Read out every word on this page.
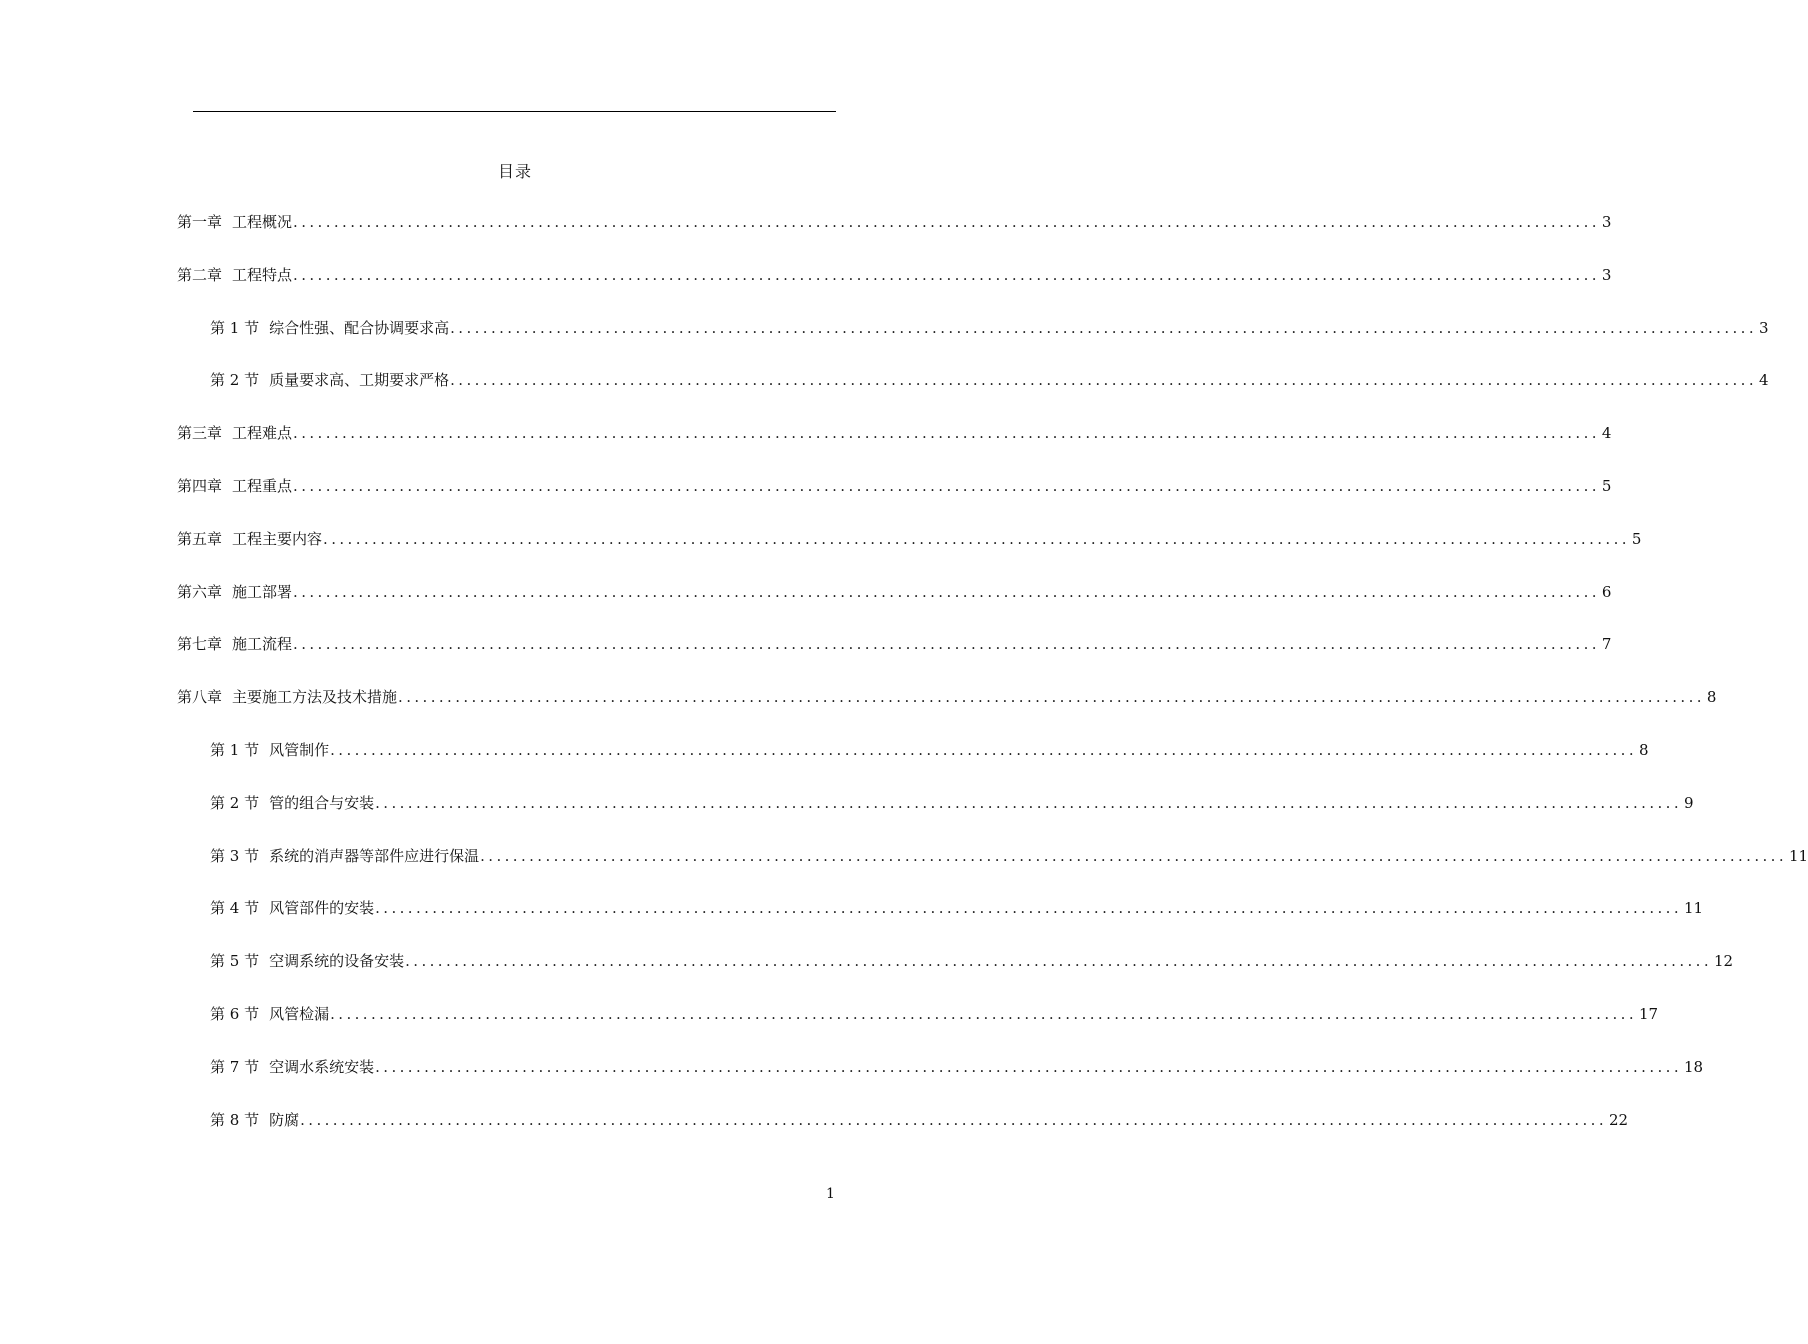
目录
第一章 工程概况 ................................................................................................................................................................ 3
第二章 工程特点 ................................................................................................................................................................ 3
第 1 节 综合性强、配合协调要求高 ................................................................................................................................................................ 3
第 2 节 质量要求高、工期要求严格 ................................................................................................................................................................ 4
第三章 工程难点 ................................................................................................................................................................ 4
第四章 工程重点 ................................................................................................................................................................ 5
第五章 工程主要内容 ................................................................................................................................................................ 5
第六章 施工部署 ................................................................................................................................................................ 6
第七章 施工流程 ................................................................................................................................................................ 7
第八章 主要施工方法及技术措施 ................................................................................................................................................................ 8
第 1 节 风管制作 ................................................................................................................................................................ 8
第 2 节 管的组合与安装 ................................................................................................................................................................ 9
第 3 节 系统的消声器等部件应进行保温 ................................................................................................................................................................ 11
第 4 节 风管部件的安装 ................................................................................................................................................................ 11
第 5 节 空调系统的设备安装 ................................................................................................................................................................ 12
第 6 节 风管检漏 ................................................................................................................................................................ 17
第 7 节 空调水系统安装 ................................................................................................................................................................ 18
第 8 节 防腐 ................................................................................................................................................................ 22
1
